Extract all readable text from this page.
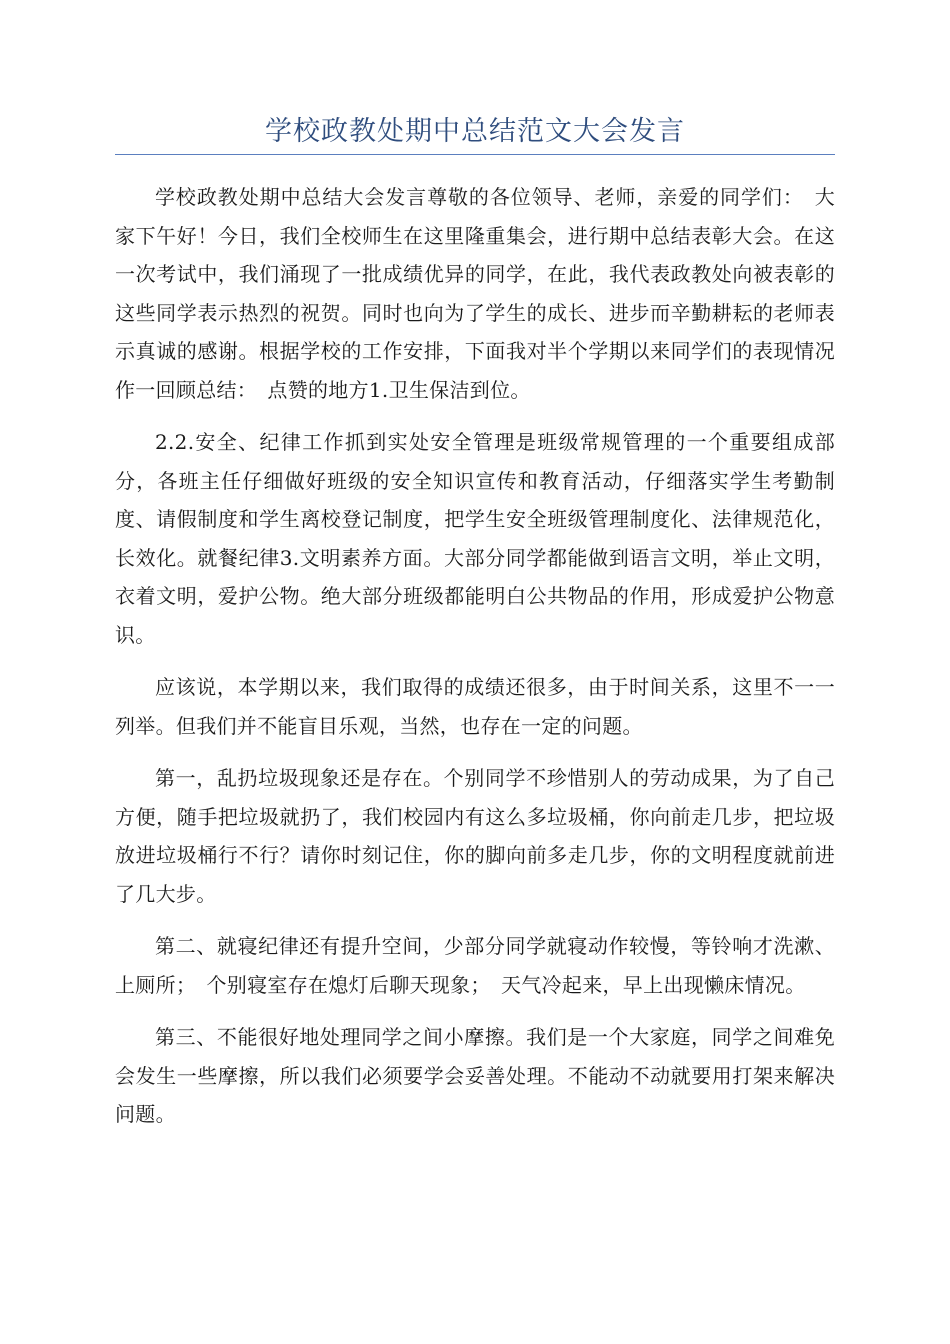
学校政教处期中总结范文大会发言

学校政教处期中总结大会发言尊敬的各位领导、老师，亲爱的同学们：　大家下午好！今日，我们全校师生在这里隆重集会，进行期中总结表彰大会。在这一次考试中，我们涌现了一批成绩优异的同学，在此，我代表政教处向被表彰的这些同学表示热烈的祝贺。同时也向为了学生的成长、进步而辛勤耕耘的老师表示真诚的感谢。根据学校的工作安排，下面我对半个学期以来同学们的表现情况作一回顾总结：　点赞的地方1.卫生保洁到位。

2.2.安全、纪律工作抓到实处安全管理是班级常规管理的一个重要组成部分，各班主任仔细做好班级的安全知识宣传和教育活动，仔细落实学生考勤制度、请假制度和学生离校登记制度，把学生安全班级管理制度化、法律规范化，长效化。就餐纪律3.文明素养方面。大部分同学都能做到语言文明，举止文明，衣着文明，爱护公物。绝大部分班级都能明白公共物品的作用，形成爱护公物意识。

应该说，本学期以来，我们取得的成绩还很多，由于时间关系，这里不一一列举。但我们并不能盲目乐观，当然，也存在一定的问题。

第一，乱扔垃圾现象还是存在。个别同学不珍惜别人的劳动成果，为了自己方便，随手把垃圾就扔了，我们校园内有这么多垃圾桶，你向前走几步，把垃圾放进垃圾桶行不行？请你时刻记住，你的脚向前多走几步，你的文明程度就前进了几大步。

第二、就寝纪律还有提升空间，少部分同学就寝动作较慢，等铃响才洗漱、上厕所；　个别寝室存在熄灯后聊天现象；　天气冷起来，早上出现懒床情况。

第三、不能很好地处理同学之间小摩擦。我们是一个大家庭，同学之间难免会发生一些摩擦，所以我们必须要学会妥善处理。不能动不动就要用打架来解决问题。
